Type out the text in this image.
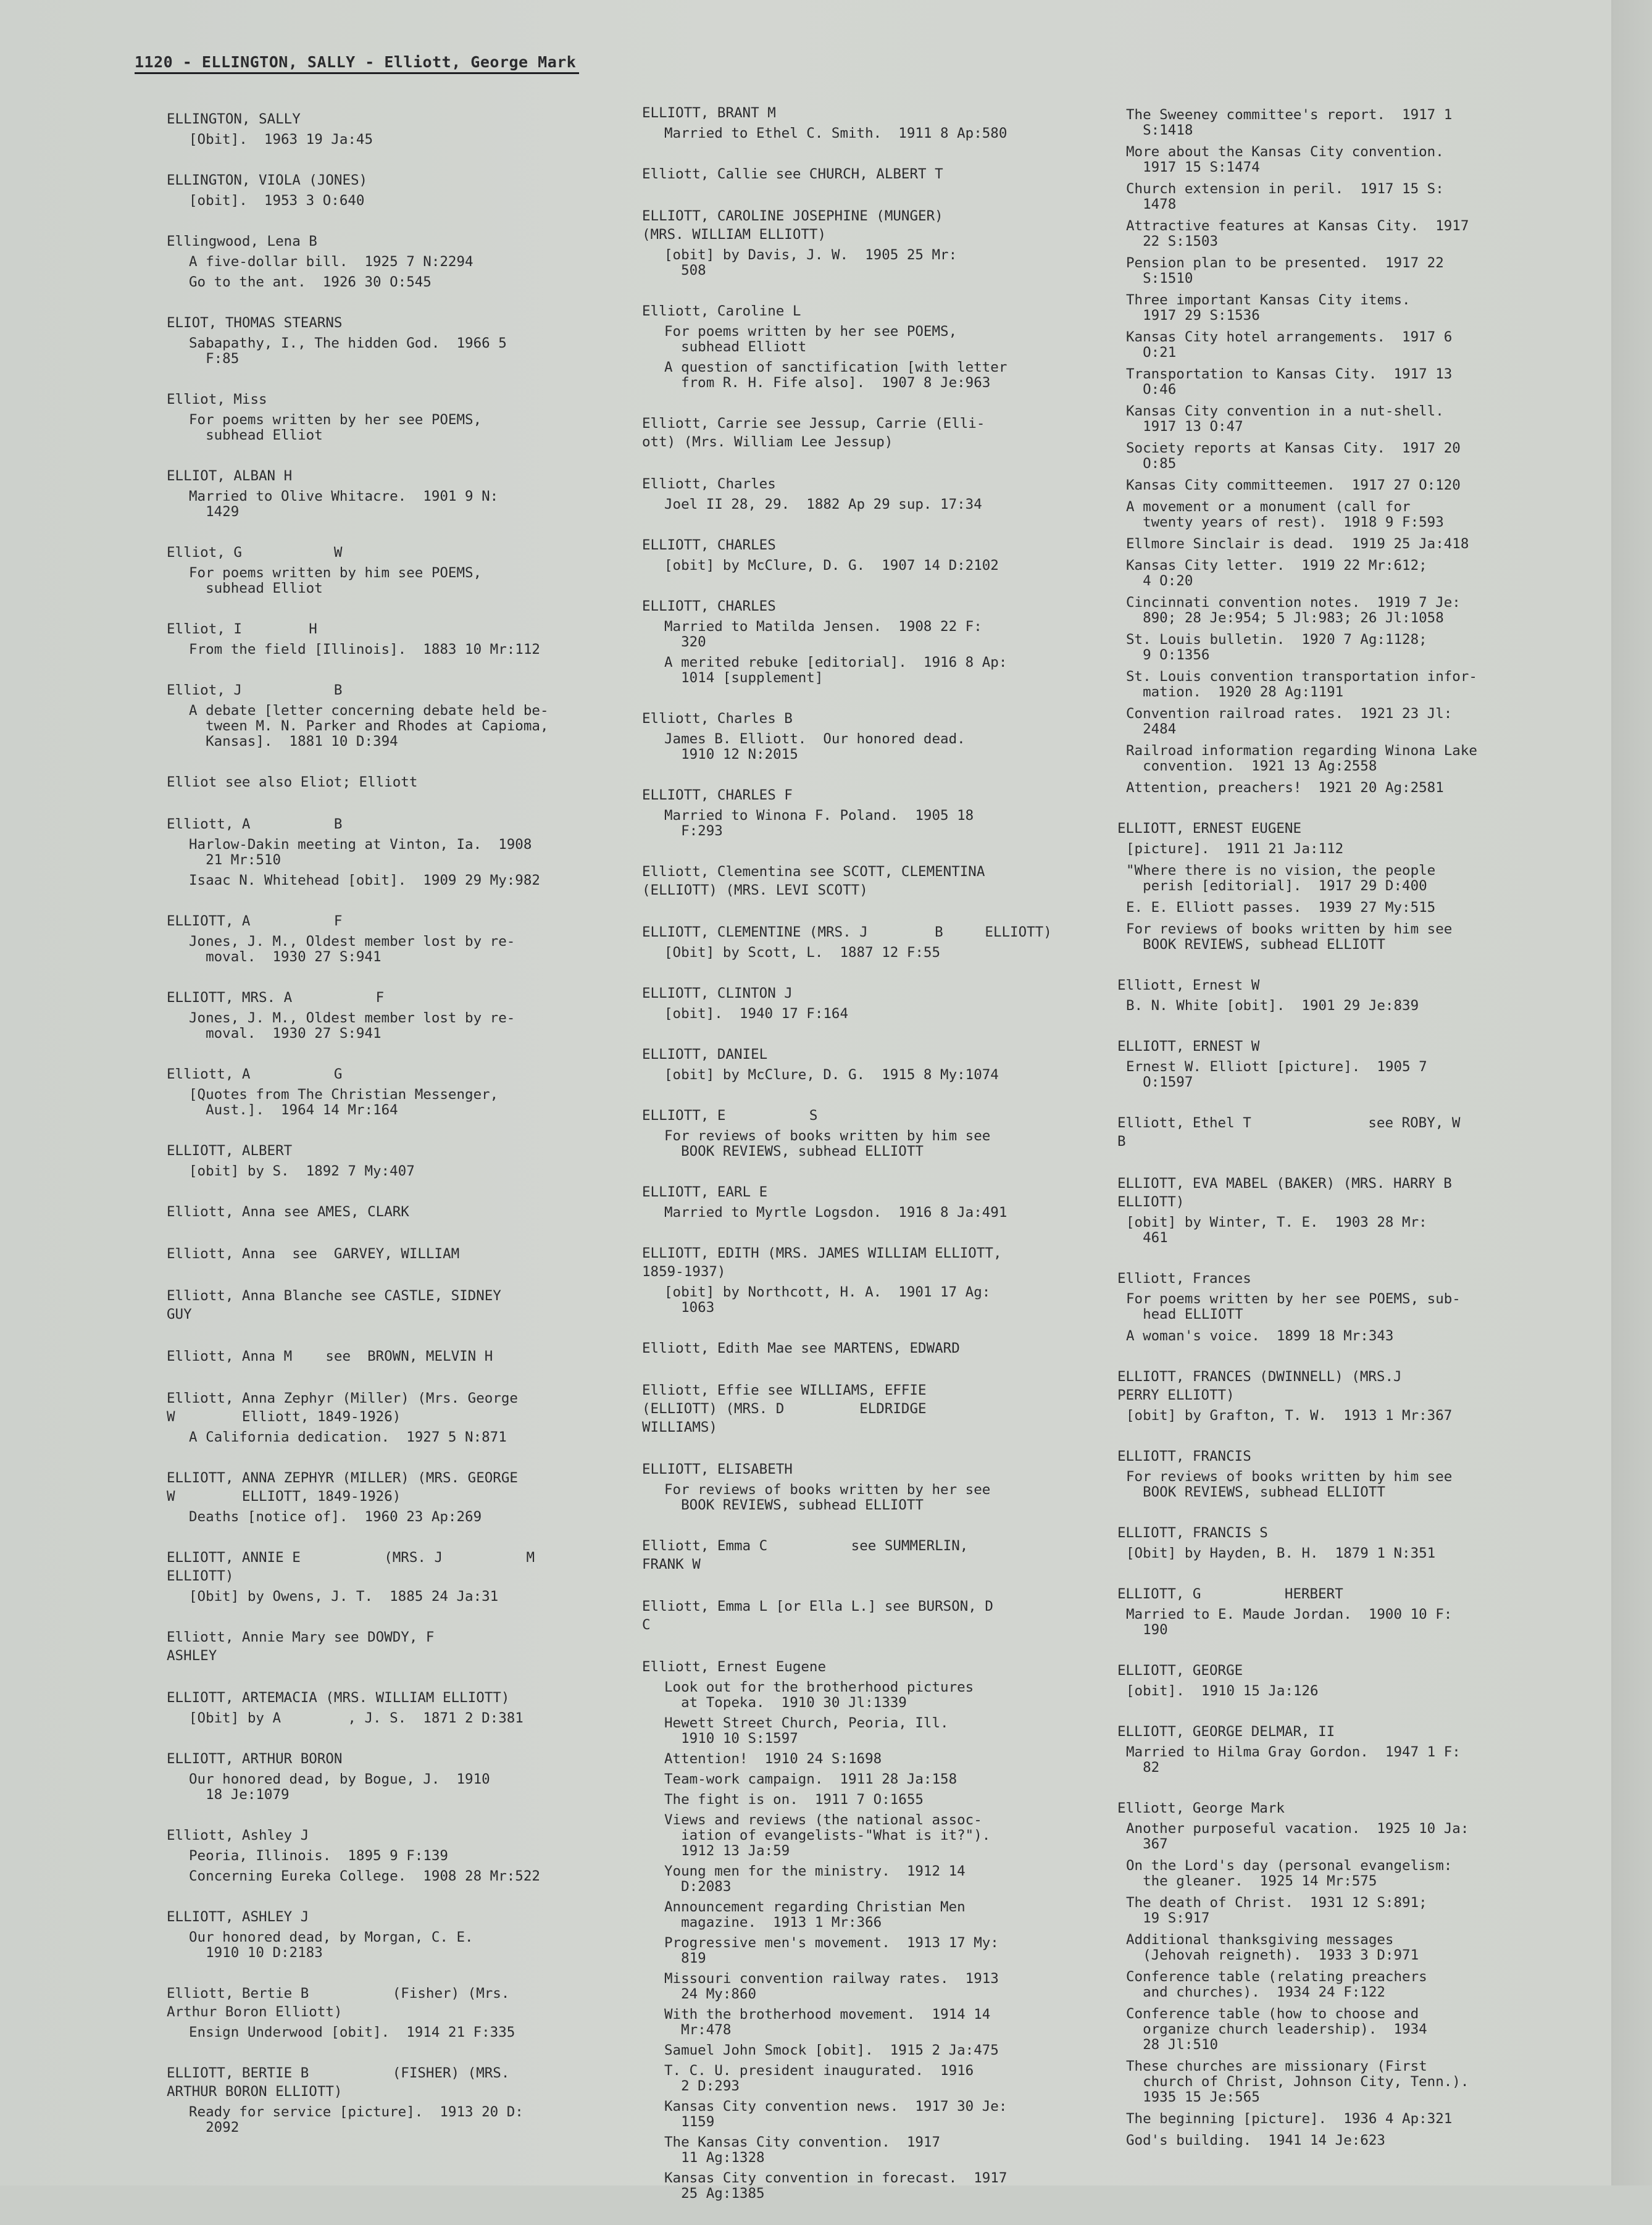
1120 - ELLINGTON, SALLY - Elliott, George Mark
ELLINGTON, SALLY
[Obit].  1963 19 Ja:45
ELLINGTON, VIOLA (JONES)
[obit].  1953 3 O:640
Ellingwood, Lena B
A five-dollar bill.  1925 7 N:2294
Go to the ant.  1926 30 O:545
ELIOT, THOMAS STEARNS
Sabapathy, I., The hidden God.  1966 5
F:85
Elliot, Miss
For poems written by her see POEMS,
subhead Elliot
ELLIOT, ALBAN H
Married to Olive Whitacre.  1901 9 N:
1429
Elliot, G           W
For poems written by him see POEMS,
subhead Elliot
Elliot, I        H
From the field [Illinois].  1883 10 Mr:112
Elliot, J           B
A debate [letter concerning debate held be-
tween M. N. Parker and Rhodes at Capioma,
Kansas].  1881 10 D:394
Elliot see also Eliot; Elliott
Elliott, A          B
Harlow-Dakin meeting at Vinton, Ia.  1908
21 Mr:510
Isaac N. Whitehead [obit].  1909 29 My:982
ELLIOTT, A          F
Jones, J. M., Oldest member lost by re-
moval.  1930 27 S:941
ELLIOTT, MRS. A          F
Jones, J. M., Oldest member lost by re-
moval.  1930 27 S:941
Elliott, A          G
[Quotes from The Christian Messenger,
Aust.].  1964 14 Mr:164
ELLIOTT, ALBERT
[obit] by S.  1892 7 My:407
Elliott, Anna see AMES, CLARK
Elliott, Anna  see  GARVEY, WILLIAM
Elliott, Anna Blanche see CASTLE, SIDNEY
GUY
Elliott, Anna M    see  BROWN, MELVIN H
Elliott, Anna Zephyr (Miller) (Mrs. George
W        Elliott, 1849-1926)
A California dedication.  1927 5 N:871
ELLIOTT, ANNA ZEPHYR (MILLER) (MRS. GEORGE
W        ELLIOTT, 1849-1926)
Deaths [notice of].  1960 23 Ap:269
ELLIOTT, ANNIE E          (MRS. J          M
ELLIOTT)
[Obit] by Owens, J. T.  1885 24 Ja:31
Elliott, Annie Mary see DOWDY, F
ASHLEY
ELLIOTT, ARTEMACIA (MRS. WILLIAM ELLIOTT)
[Obit] by A        , J. S.  1871 2 D:381
ELLIOTT, ARTHUR BORON
Our honored dead, by Bogue, J.  1910
18 Je:1079
Elliott, Ashley J
Peoria, Illinois.  1895 9 F:139
Concerning Eureka College.  1908 28 Mr:522
ELLIOTT, ASHLEY J
Our honored dead, by Morgan, C. E.
1910 10 D:2183
Elliott, Bertie B          (Fisher) (Mrs.
Arthur Boron Elliott)
Ensign Underwood [obit].  1914 21 F:335
ELLIOTT, BERTIE B          (FISHER) (MRS.
ARTHUR BORON ELLIOTT)
Ready for service [picture].  1913 20 D:
2092
ELLIOTT, BRANT M
Married to Ethel C. Smith.  1911 8 Ap:580
Elliott, Callie see CHURCH, ALBERT T
ELLIOTT, CAROLINE JOSEPHINE (MUNGER)
(MRS. WILLIAM ELLIOTT)
[obit] by Davis, J. W.  1905 25 Mr:
508
Elliott, Caroline L
For poems written by her see POEMS,
subhead Elliott
A question of sanctification [with letter
from R. H. Fife also].  1907 8 Je:963
Elliott, Carrie see Jessup, Carrie (Elli-
ott) (Mrs. William Lee Jessup)
Elliott, Charles
Joel II 28, 29.  1882 Ap 29 sup. 17:34
ELLIOTT, CHARLES
[obit] by McClure, D. G.  1907 14 D:2102
ELLIOTT, CHARLES
Married to Matilda Jensen.  1908 22 F:
320
A merited rebuke [editorial].  1916 8 Ap:
1014 [supplement]
Elliott, Charles B
James B. Elliott.  Our honored dead.
1910 12 N:2015
ELLIOTT, CHARLES F
Married to Winona F. Poland.  1905 18
F:293
Elliott, Clementina see SCOTT, CLEMENTINA
(ELLIOTT) (MRS. LEVI SCOTT)
ELLIOTT, CLEMENTINE (MRS. J        B     ELLIOTT)
[Obit] by Scott, L.  1887 12 F:55
ELLIOTT, CLINTON J
[obit].  1940 17 F:164
ELLIOTT, DANIEL
[obit] by McClure, D. G.  1915 8 My:1074
ELLIOTT, E          S
For reviews of books written by him see
BOOK REVIEWS, subhead ELLIOTT
ELLIOTT, EARL E
Married to Myrtle Logsdon.  1916 8 Ja:491
ELLIOTT, EDITH (MRS. JAMES WILLIAM ELLIOTT,
1859-1937)
[obit] by Northcott, H. A.  1901 17 Ag:
1063
Elliott, Edith Mae see MARTENS, EDWARD
Elliott, Effie see WILLIAMS, EFFIE
(ELLIOTT) (MRS. D         ELDRIDGE
WILLIAMS)
ELLIOTT, ELISABETH
For reviews of books written by her see
BOOK REVIEWS, subhead ELLIOTT
Elliott, Emma C          see SUMMERLIN,
FRANK W
Elliott, Emma L [or Ella L.] see BURSON, D
C
Elliott, Ernest Eugene
Look out for the brotherhood pictures
at Topeka.  1910 30 Jl:1339
Hewett Street Church, Peoria, Ill.
1910 10 S:1597
Attention!  1910 24 S:1698
Team-work campaign.  1911 28 Ja:158
The fight is on.  1911 7 O:1655
Views and reviews (the national assoc-
iation of evangelists-"What is it?").
1912 13 Ja:59
Young men for the ministry.  1912 14
D:2083
Announcement regarding Christian Men
magazine.  1913 1 Mr:366
Progressive men's movement.  1913 17 My:
819
Missouri convention railway rates.  1913
24 My:860
With the brotherhood movement.  1914 14
Mr:478
Samuel John Smock [obit].  1915 2 Ja:475
T. C. U. president inaugurated.  1916
2 D:293
Kansas City convention news.  1917 30 Je:
1159
The Kansas City convention.  1917
11 Ag:1328
Kansas City convention in forecast.  1917
25 Ag:1385
The Sweeney committee's report.  1917 1
S:1418
More about the Kansas City convention.
1917 15 S:1474
Church extension in peril.  1917 15 S:
1478
Attractive features at Kansas City.  1917
22 S:1503
Pension plan to be presented.  1917 22
S:1510
Three important Kansas City items.
1917 29 S:1536
Kansas City hotel arrangements.  1917 6
O:21
Transportation to Kansas City.  1917 13
O:46
Kansas City convention in a nut-shell.
1917 13 O:47
Society reports at Kansas City.  1917 20
O:85
Kansas City committeemen.  1917 27 O:120
A movement or a monument (call for
twenty years of rest).  1918 9 F:593
Ellmore Sinclair is dead.  1919 25 Ja:418
Kansas City letter.  1919 22 Mr:612;
4 O:20
Cincinnati convention notes.  1919 7 Je:
890; 28 Je:954; 5 Jl:983; 26 Jl:1058
St. Louis bulletin.  1920 7 Ag:1128;
9 O:1356
St. Louis convention transportation infor-
mation.  1920 28 Ag:1191
Convention railroad rates.  1921 23 Jl:
2484
Railroad information regarding Winona Lake
convention.  1921 13 Ag:2558
Attention, preachers!  1921 20 Ag:2581
ELLIOTT, ERNEST EUGENE
[picture].  1911 21 Ja:112
"Where there is no vision, the people
perish [editorial].  1917 29 D:400
E. E. Elliott passes.  1939 27 My:515
For reviews of books written by him see
BOOK REVIEWS, subhead ELLIOTT
Elliott, Ernest W
B. N. White [obit].  1901 29 Je:839
ELLIOTT, ERNEST W
Ernest W. Elliott [picture].  1905 7
O:1597
Elliott, Ethel T              see ROBY, W
B
ELLIOTT, EVA MABEL (BAKER) (MRS. HARRY B
ELLIOTT)
[obit] by Winter, T. E.  1903 28 Mr:
461
Elliott, Frances
For poems written by her see POEMS, sub-
head ELLIOTT
A woman's voice.  1899 18 Mr:343
ELLIOTT, FRANCES (DWINNELL) (MRS.J
PERRY ELLIOTT)
[obit] by Grafton, T. W.  1913 1 Mr:367
ELLIOTT, FRANCIS
For reviews of books written by him see
BOOK REVIEWS, subhead ELLIOTT
ELLIOTT, FRANCIS S
[Obit] by Hayden, B. H.  1879 1 N:351
ELLIOTT, G          HERBERT
Married to E. Maude Jordan.  1900 10 F:
190
ELLIOTT, GEORGE
[obit].  1910 15 Ja:126
ELLIOTT, GEORGE DELMAR, II
Married to Hilma Gray Gordon.  1947 1 F:
82
Elliott, George Mark
Another purposeful vacation.  1925 10 Ja:
367
On the Lord's day (personal evangelism:
the gleaner.  1925 14 Mr:575
The death of Christ.  1931 12 S:891;
19 S:917
Additional thanksgiving messages
(Jehovah reigneth).  1933 3 D:971
Conference table (relating preachers
and churches).  1934 24 F:122
Conference table (how to choose and
organize church leadership).  1934
28 Jl:510
These churches are missionary (First
church of Christ, Johnson City, Tenn.).
1935 15 Je:565
The beginning [picture].  1936 4 Ap:321
God's building.  1941 14 Je:623
